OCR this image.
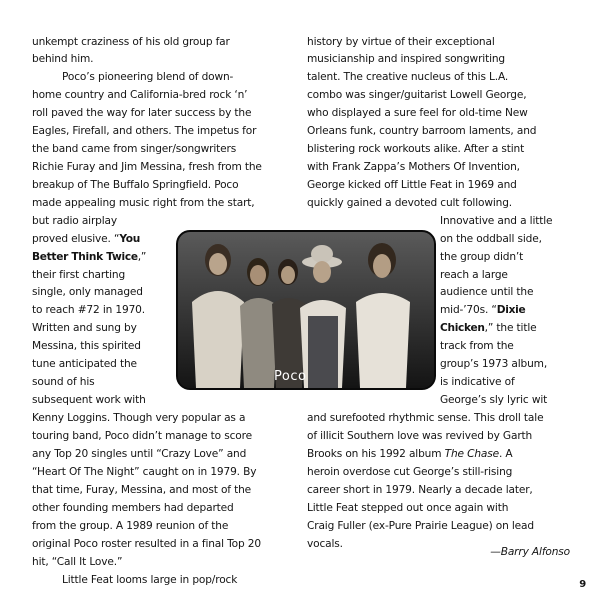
unkempt craziness of his old group far
behind him.
Poco’s pioneering blend of down-
home country and California-bred rock ‘n’
roll paved the way for later success by the
Eagles, Firefall, and others. The impetus for
the band came from singer/songwriters
Richie Furay and Jim Messina, fresh from the
breakup of The Buffalo Springfield. Poco
made appealing music right from the start,
but radio airplay
proved elusive. “You
Better Think Twice,”
their first charting
single, only managed
to reach #72 in 1970.
Written and sung by
Messina, this spirited
tune anticipated the
sound of his
subsequent work with
Kenny Loggins. Though very popular as a
touring band, Poco didn’t manage to score
any Top 20 singles until “Crazy Love” and
“Heart Of The Night” caught on in 1979. By
that time, Furay, Messina, and most of the
other founding members had departed
from the group. A 1989 reunion of the
original Poco roster resulted in a final Top 20
hit, “Call It Love.”
Little Feat looms large in pop/rock
history by virtue of their exceptional
musicianship and inspired songwriting
talent. The creative nucleus of this L.A.
combo was singer/guitarist Lowell George,
who displayed a sure feel for old-time New
Orleans funk, country barroom laments, and
blistering rock workouts alike. After a stint
with Frank Zappa’s Mothers Of Invention,
George kicked off Little Feat in 1969 and
quickly gained a devoted cult following.
Innovative and a little
on the oddball side,
the group didn’t
reach a large
audience until the
mid-’70s. “Dixie
Chicken,” the title
track from the
group’s 1973 album,
is indicative of
George’s sly lyric wit
and surefooted rhythmic sense. This droll tale
of illicit Southern love was revived by Garth
Brooks on his 1992 album The Chase. A
heroin overdose cut George’s still-rising
career short in 1979. Nearly a decade later,
Little Feat stepped out once again with
Craig Fuller (ex-Pure Prairie League) on lead
vocals.
Poco
—Barry Alfonso
9
